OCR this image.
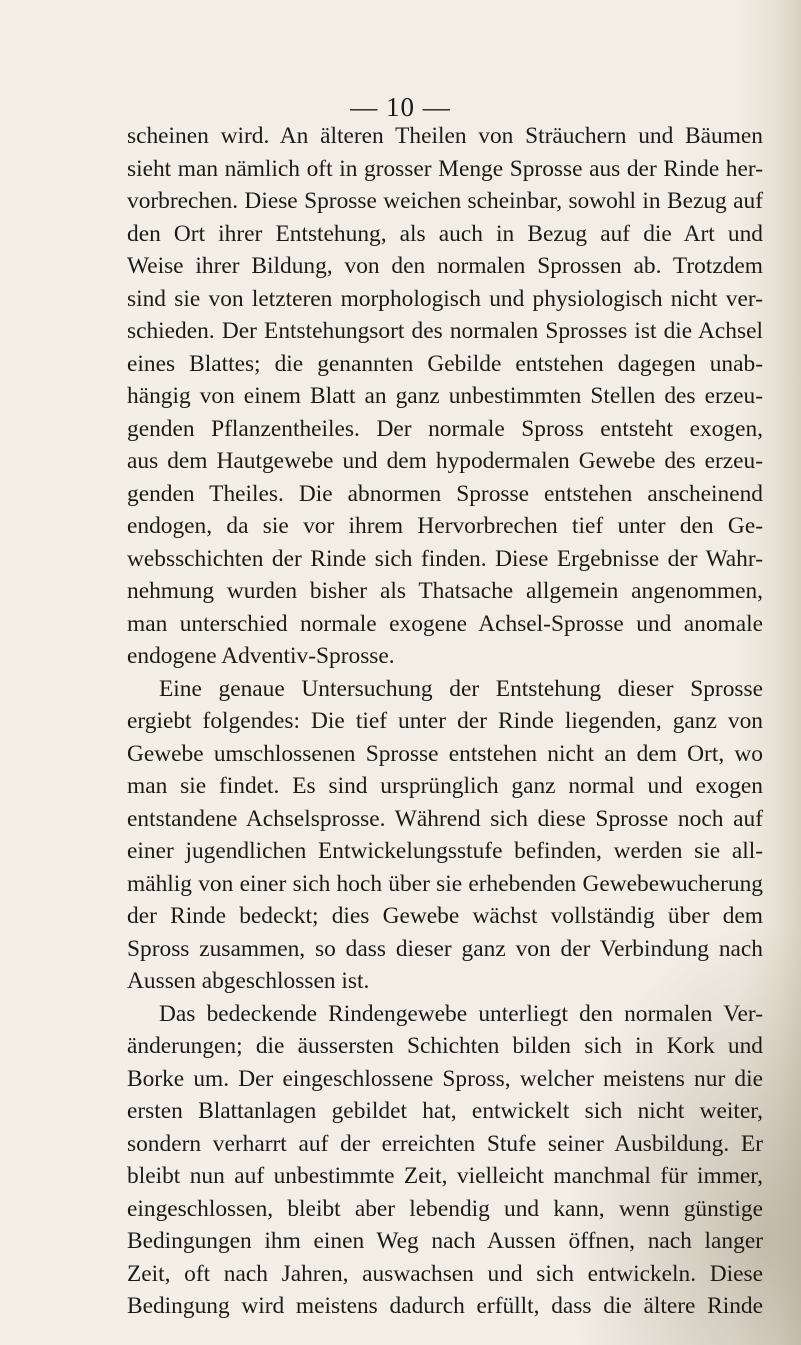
— 10 —
scheinen wird. An älteren Theilen von Sträuchern und Bäumen
sieht man nämlich oft in grosser Menge Sprosse aus der Rinde her-
vorbrechen. Diese Sprosse weichen scheinbar, sowohl in Bezug auf
den Ort ihrer Entstehung, als auch in Bezug auf die Art und
Weise ihrer Bildung, von den normalen Sprossen ab. Trotzdem
sind sie von letzteren morphologisch und physiologisch nicht ver-
schieden. Der Entstehungsort des normalen Sprosses ist die Achsel
eines Blattes; die genannten Gebilde entstehen dagegen unab-
hängig von einem Blatt an ganz unbestimmten Stellen des erzeu-
genden Pflanzentheiles. Der normale Spross entsteht exogen,
aus dem Hautgewebe und dem hypodermalen Gewebe des erzeu-
genden Theiles. Die abnormen Sprosse entstehen anscheinend
endogen, da sie vor ihrem Hervorbrechen tief unter den Ge-
websschichten der Rinde sich finden. Diese Ergebnisse der Wahr-
nehmung wurden bisher als Thatsache allgemein angenommen,
man unterschied normale exogene Achsel-Sprosse und anomale
endogene Adventiv-Sprosse.
Eine genaue Untersuchung der Entstehung dieser Sprosse
ergiebt folgendes: Die tief unter der Rinde liegenden, ganz von
Gewebe umschlossenen Sprosse entstehen nicht an dem Ort, wo
man sie findet. Es sind ursprünglich ganz normal und exogen
entstandene Achselsprosse. Während sich diese Sprosse noch auf
einer jugendlichen Entwickelungsstufe befinden, werden sie all-
mählig von einer sich hoch über sie erhebenden Gewebewucherung
der Rinde bedeckt; dies Gewebe wächst vollständig über dem
Spross zusammen, so dass dieser ganz von der Verbindung nach
Aussen abgeschlossen ist.
Das bedeckende Rindengewebe unterliegt den normalen Ver-
änderungen; die äussersten Schichten bilden sich in Kork und
Borke um. Der eingeschlossene Spross, welcher meistens nur die
ersten Blattanlagen gebildet hat, entwickelt sich nicht weiter,
sondern verharrt auf der erreichten Stufe seiner Ausbildung. Er
bleibt nun auf unbestimmte Zeit, vielleicht manchmal für immer,
eingeschlossen, bleibt aber lebendig und kann, wenn günstige
Bedingungen ihm einen Weg nach Aussen öffnen, nach langer
Zeit, oft nach Jahren, auswachsen und sich entwickeln. Diese
Bedingung wird meistens dadurch erfüllt, dass die ältere Rinde
